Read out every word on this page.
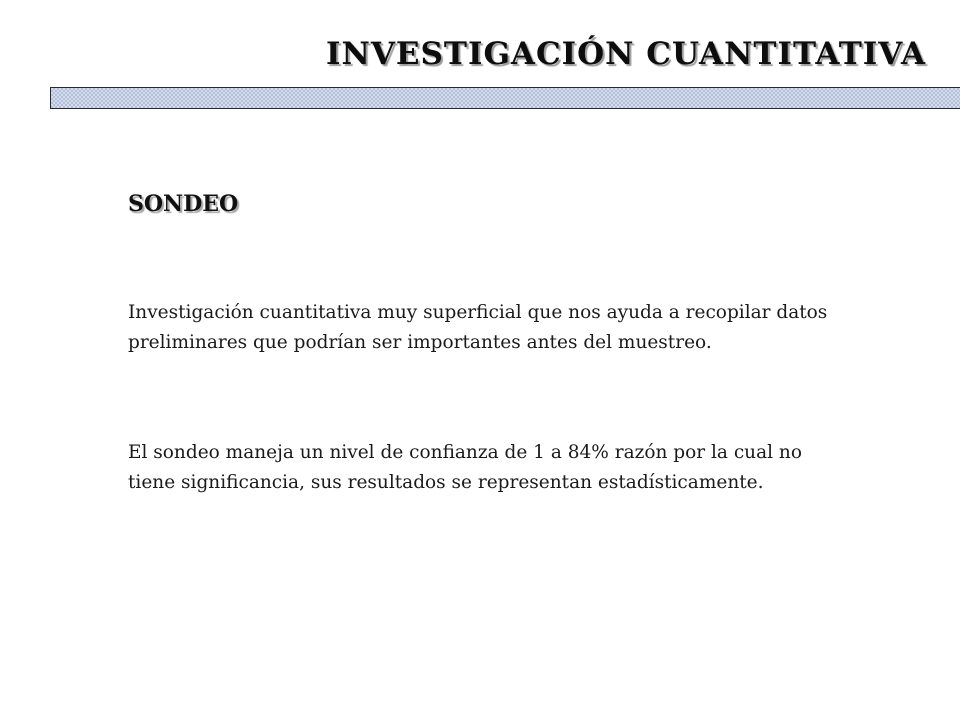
INVESTIGACIÓN CUANTITATIVA
SONDEO

Investigación cuantitativa muy superficial que nos ayuda a recopilar datos preliminares que podrían ser importantes antes del muestreo.

El sondeo maneja un nivel de confianza de 1 a 84% razón por la cual no tiene significancia, sus resultados se representan estadísticamente.
